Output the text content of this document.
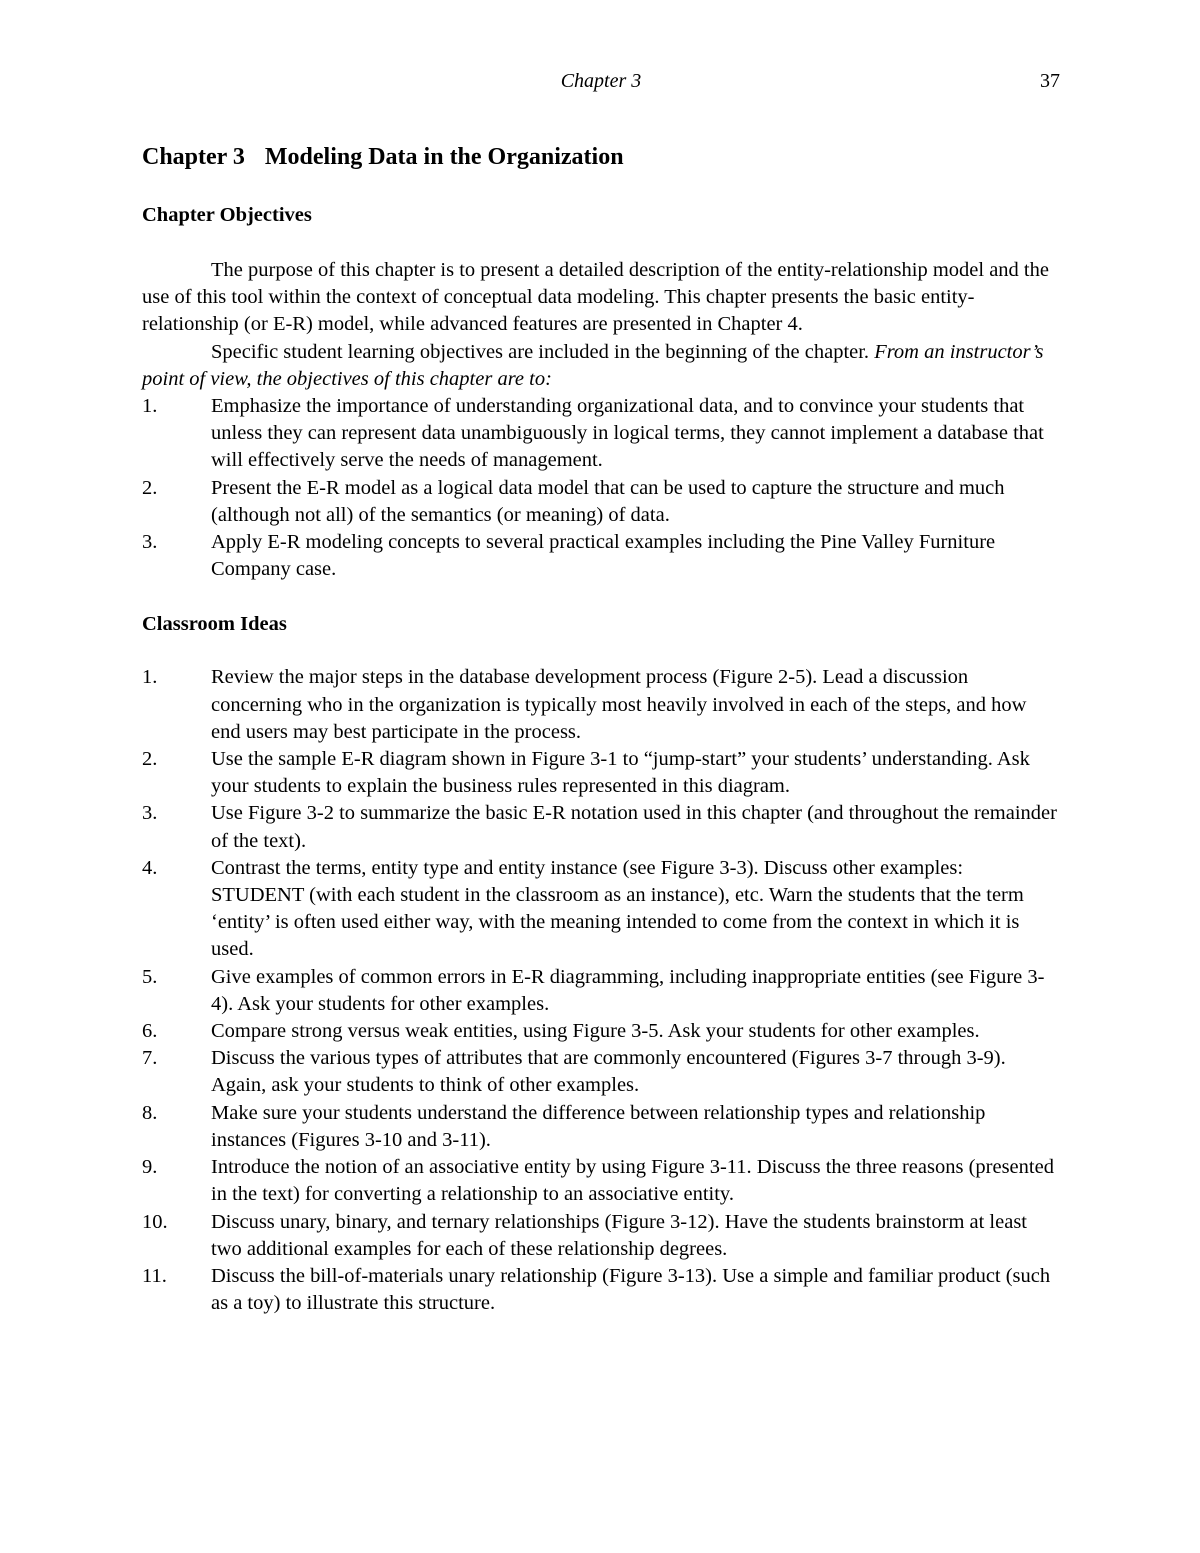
Chapter 3	37
Chapter 3 Modeling Data in the Organization
Chapter Objectives

The purpose of this chapter is to present a detailed description of the entity-relationship model and the use of this tool within the context of conceptual data modeling. This chapter presents the basic entity-relationship (or E-R) model, while advanced features are presented in Chapter 4.

Specific student learning objectives are included in the beginning of the chapter. From an instructor’s point of view, the objectives of this chapter are to:

1.	Emphasize the importance of understanding organizational data, and to convince your students that unless they can represent data unambiguously in logical terms, they cannot implement a database that will effectively serve the needs of management.
2.	Present the E-R model as a logical data model that can be used to capture the structure and much (although not all) of the semantics (or meaning) of data.
3.	Apply E-R modeling concepts to several practical examples including the Pine Valley Furniture Company case.
Classroom Ideas
1.	Review the major steps in the database development process (Figure 2-5). Lead a discussion concerning who in the organization is typically most heavily involved in each of the steps, and how end users may best participate in the process.
2.	Use the sample E-R diagram shown in Figure 3-1 to “jump-start” your students’ understanding. Ask your students to explain the business rules represented in this diagram.
3.	Use Figure 3-2 to summarize the basic E-R notation used in this chapter (and throughout the remainder of the text).
4.	Contrast the terms, entity type and entity instance (see Figure 3-3). Discuss other examples: STUDENT (with each student in the classroom as an instance), etc. Warn the students that the term ‘entity’ is often used either way, with the meaning intended to come from the context in which it is used.
5.	Give examples of common errors in E-R diagramming, including inappropriate entities (see Figure 3-4). Ask your students for other examples.
6.	Compare strong versus weak entities, using Figure 3-5. Ask your students for other examples.
7.	Discuss the various types of attributes that are commonly encountered (Figures 3-7 through 3-9). Again, ask your students to think of other examples.
8.	Make sure your students understand the difference between relationship types and relationship instances (Figures 3-10 and 3-11).
9.	Introduce the notion of an associative entity by using Figure 3-11. Discuss the three reasons (presented in the text) for converting a relationship to an associative entity.
10. Discuss unary, binary, and ternary relationships (Figure 3-12). Have the students brainstorm at least two additional examples for each of these relationship degrees.
11. Discuss the bill-of-materials unary relationship (Figure 3-13). Use a simple and familiar product (such as a toy) to illustrate this structure.
